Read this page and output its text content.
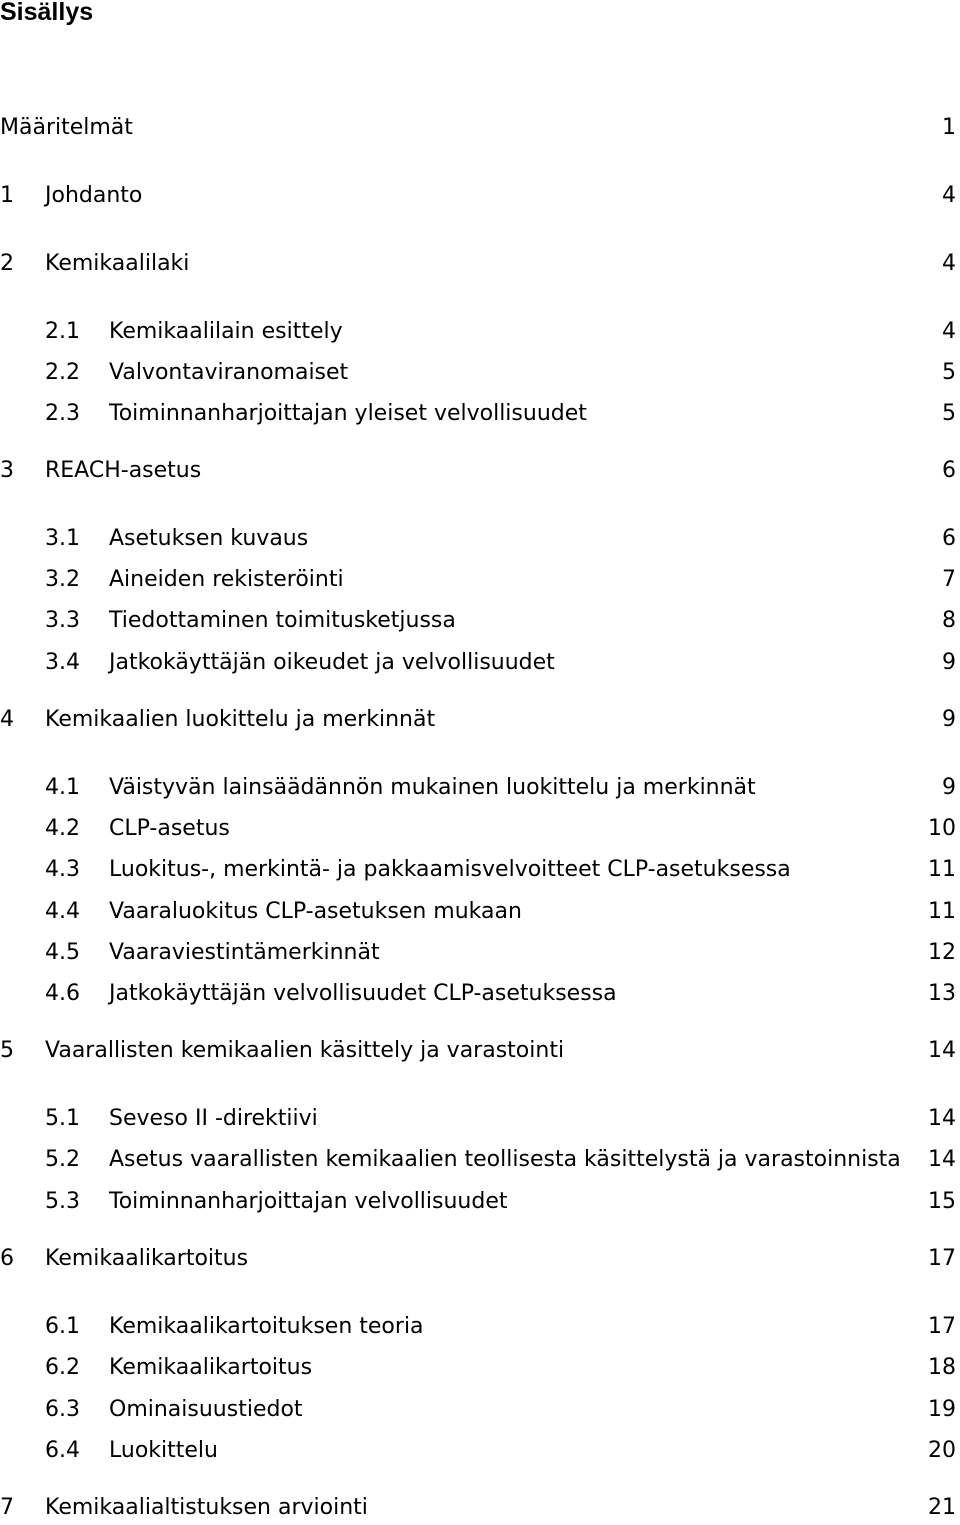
Sisällys
Määritelmät	1
1 Johdanto	4
2 Kemikaalilaki	4
2.1 Kemikaalilain esittely	4
2.2 Valvontaviranomaiset	5
2.3 Toiminnanharjoittajan yleiset velvollisuudet	5
3 REACH-asetus	6
3.1 Asetuksen kuvaus	6
3.2 Aineiden rekisteröinti	7
3.3 Tiedottaminen toimitusketjussa	8
3.4 Jatkokäyttäjän oikeudet ja velvollisuudet	9
4 Kemikaalien luokittelu ja merkinnät	9
4.1 Väistyvän lainsäädännön mukainen luokittelu ja merkinnät	9
4.2 CLP-asetus	10
4.3 Luokitus-, merkintä- ja pakkaamisvelvoitteet CLP-asetuksessa	11
4.4 Vaaraluokitus CLP-asetuksen mukaan	11
4.5 Vaaraviestintämerkinnät	12
4.6 Jatkokäyttäjän velvollisuudet CLP-asetuksessa	13
5 Vaarallisten kemikaalien käsittely ja varastointi	14
5.1 Seveso II -direktiivi	14
5.2 Asetus vaarallisten kemikaalien teollisesta käsittelystä ja varastoinnista 14
5.3 Toiminnanharjoittajan velvollisuudet	15
6 Kemikaalikartoitus	17
6.1 Kemikaalikartoituksen teoria	17
6.2 Kemikaalikartoitus	18
6.3 Ominaisuustiedot	19
6.4 Luokittelu	20
7 Kemikaalialtistuksen arviointi	21
